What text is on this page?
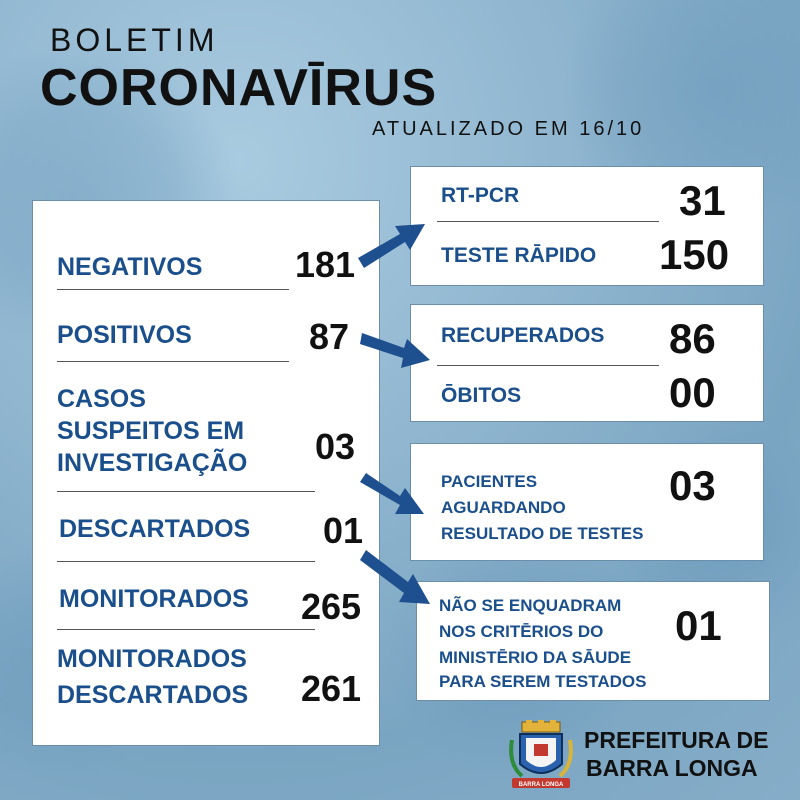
BOLETIM
CORONAVĪRUS
ATUALIZADO EM 16/10
NEGATIVOS	181
POSITIVOS	87
CASOS
SUSPEITOS EM
INVESTIGAÇÃO 03
DESCARTADOS 01
MONITORADOS 265
MONITORADOS
DESCARTADOS 261
RT-PCR	31
TESTE RĀPIDO 150
RECUPERADOS 86
ŌBITOS	00
PACIENTES
AGUARDANDO
RESULTADO DE TESTES
03
NÃO SE ENQUADRAM
NOS CRITĒRIOS DO
MINISTĒRIO DA SĀUDE
PARA SEREM TESTADOS
01
BARRA LONGA
PREFEITURA DE
BARRA LONGA
